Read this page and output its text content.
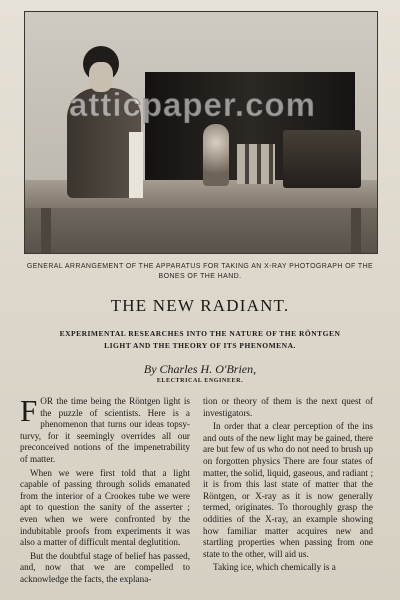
atticpaper.com
GENERAL ARRANGEMENT OF THE APPARATUS FOR TAKING AN X-RAY PHOTOGRAPH OF THE BONES OF THE HAND.
THE NEW RADIANT.
EXPERIMENTAL RESEARCHES INTO THE NATURE OF THE RÖNTGEN LIGHT AND THE THEORY OF ITS PHENOMENA.
By Charles H. O'Brien,
ELECTRICAL ENGINEER.

FOR the time being the Röntgen light is the puzzle of scientists. Here is a phenomenon that turns our ideas topsy-turvy, for it seemingly overrides all our preconceived notions of the impenetrability of matter.

When we were first told that a light capable of passing through solids emanated from the interior of a Crookes tube we were apt to question the sanity of the asserter ; even when we were confronted by the indubitable proofs from experiments it was also a matter of difficult mental deglutition.

But the doubtful stage of belief has passed, and, now that we are compelled to acknowledge the facts, the explana-

tion or theory of them is the next quest of investigators.

In order that a clear perception of the ins and outs of the new light may be gained, there are but few of us who do not need to brush up on forgotten physics There are four states of matter, the solid, liquid, gaseous, and radiant ; it is from this last state of matter that the Röntgen, or X-ray as it is now generally termed, originates. To thoroughly grasp the oddities of the X-ray, an example showing how familiar matter acquires new and startling properties when passing from one state to the other, will aid us.

Taking ice, which chemically is a
